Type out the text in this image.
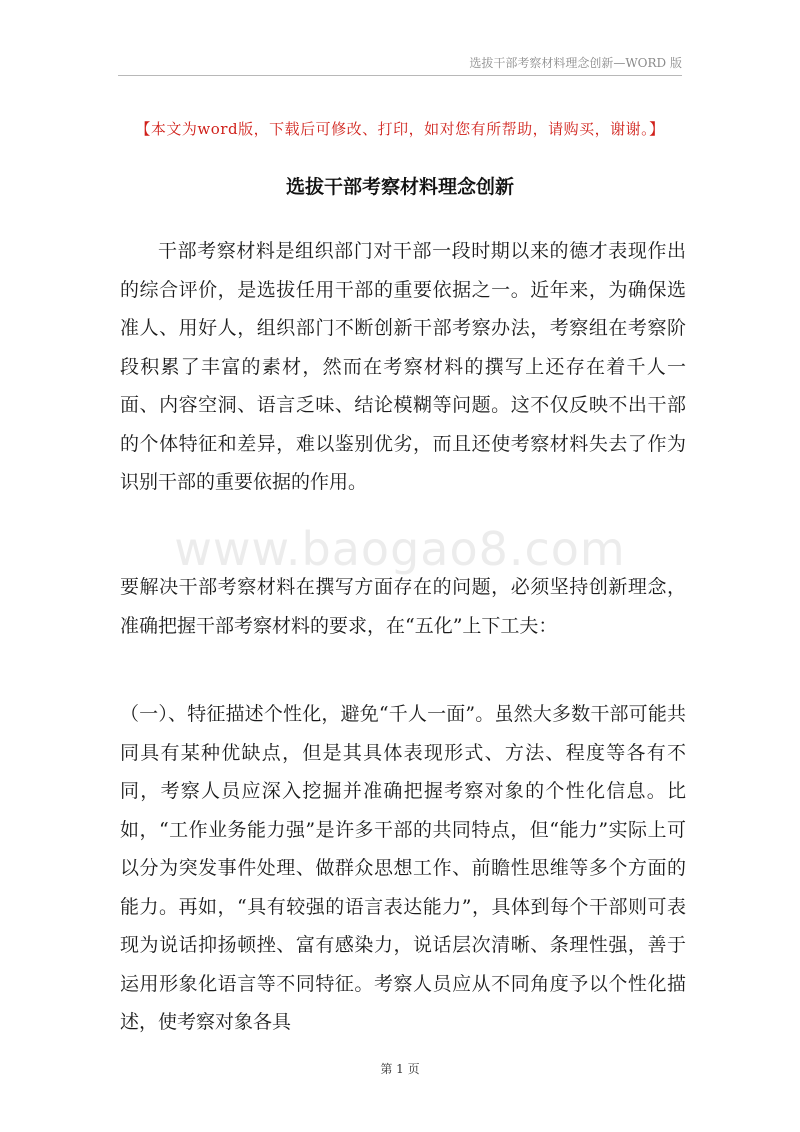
选拔干部考察材料理念创新—WORD 版
【本文为word版，下载后可修改、打印，如对您有所帮助，请购买，谢谢。】
选拔干部考察材料理念创新

干部考察材料是组织部门对干部一段时期以来的德才表现作出的综合评价，是选拔任用干部的重要依据之一。近年来，为确保选准人、用好人，组织部门不断创新干部考察办法，考察组在考察阶段积累了丰富的素材，然而在考察材料的撰写上还存在着千人一面、内容空洞、语言乏味、结论模糊等问题。这不仅反映不出干部的个体特征和差异，难以鉴别优劣，而且还使考察材料失去了作为识别干部的重要依据的作用。

www.baogao8.com

要解决干部考察材料在撰写方面存在的问题，必须坚持创新理念，准确把握干部考察材料的要求，在“五化”上下工夫：

（一）、特征描述个性化，避免“千人一面”。虽然大多数干部可能共同具有某种优缺点，但是其具体表现形式、方法、程度等各有不同，考察人员应深入挖掘并准确把握考察对象的个性化信息。比如，“工作业务能力强”是许多干部的共同特点，但“能力”实际上可以分为突发事件处理、做群众思想工作、前瞻性思维等多个方面的能力。再如，“具有较强的语言表达能力”，具体到每个干部则可表现为说话抑扬顿挫、富有感染力，说话层次清晰、条理性强，善于运用形象化语言等不同特征。考察人员应从不同角度予以个性化描述，使考察对象各具

第 1 页
